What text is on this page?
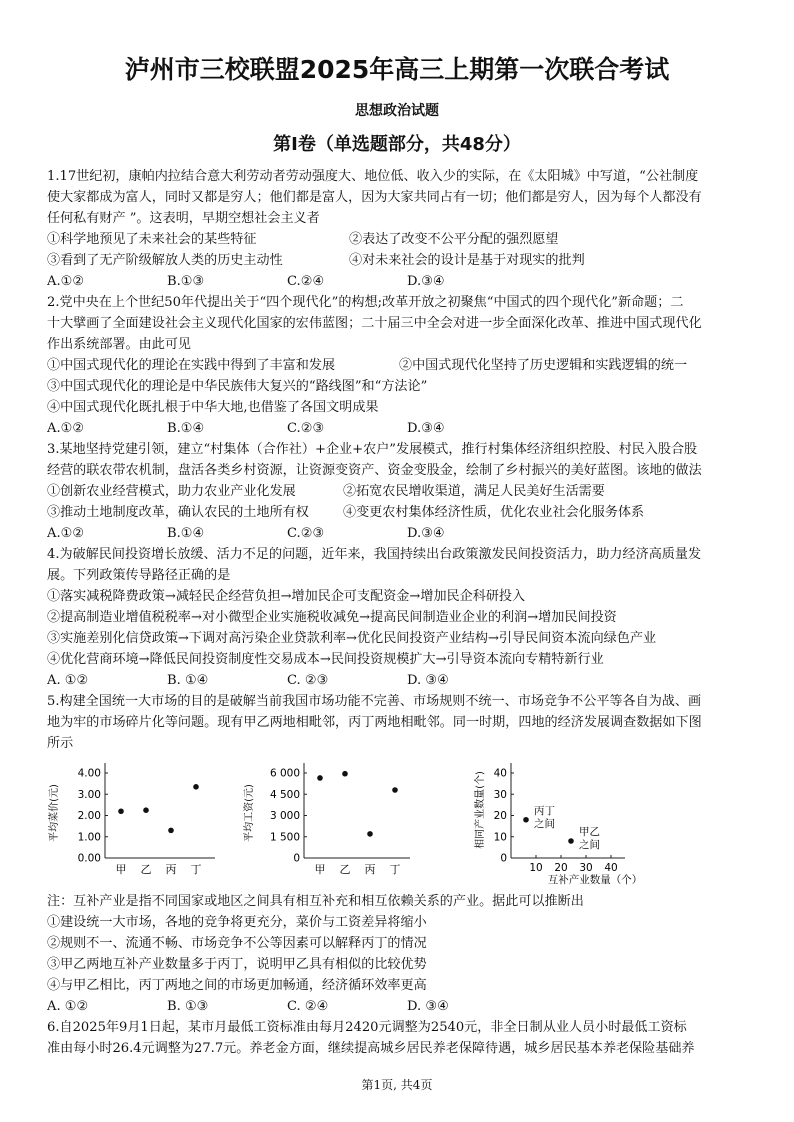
泸州市三校联盟2025年高三上期第一次联合考试
思想政治试题
第Ⅰ卷（单选题部分，共48分）
1.17世纪初，康帕内拉结合意大利劳动者劳动强度大、地位低、收入少的实际，在《太阳城》中写道，“公社制度
使大家都成为富人，同时又都是穷人；他们都是富人，因为大家共同占有一切；他们都是穷人，因为每个人都没有
任何私有财产 ”。这表明，早期空想社会主义者
①科学地预见了未来社会的某些特征	②表达了改变不公平分配的强烈愿望
③看到了无产阶级解放人类的历史主动性	④对未来社会的设计是基于对现实的批判
A.①②	B.①③	C.②④	D.③④
2.党中央在上个世纪50年代提出关于“四个现代化”的构想;改革开放之初聚焦“中国式的四个现代化”新命题；二
十大擘画了全面建设社会主义现代化国家的宏伟蓝图；二十届三中全会对进一步全面深化改革、推进中国式现代化
作出系统部署。由此可见
①中国式现代化的理论在实践中得到了丰富和发展	②中国式现代化坚持了历史逻辑和实践逻辑的统一
③中国式现代化的理论是中华民族伟大复兴的“路线图”和“方法论”
④中国式现代化既扎根于中华大地,也借鉴了各国文明成果
A.①②	B.①④	C.②③	D.③④
3.某地坚持党建引领，建立“村集体（合作社）+企业+农户”发展模式，推行村集体经济组织控股、村民入股合股
经营的联农带农机制，盘活各类乡村资源，让资源变资产、资金变股金，绘制了乡村振兴的美好蓝图。该地的做法
①创新农业经营模式，助力农业产业化发展	②拓宽农民增收渠道，满足人民美好生活需要
③推动土地制度改革，确认农民的土地所有权	④变更农村集体经济性质，优化农业社会化服务体系
A.①②	B.①④	C.②③	D.③④
4.为破解民间投资增长放缓、活力不足的问题，近年来，我国持续出台政策激发民间投资活力，助力经济高质量发
展。下列政策传导路径正确的是
①落实减税降费政策→减轻民企经营负担→增加民企可支配资金→增加民企科研投入
②提高制造业增值税税率→对小微型企业实施税收减免→提高民间制造业企业的利润→增加民间投资
③实施差别化信贷政策→下调对高污染企业贷款利率→优化民间投资产业结构→引导民间资本流向绿色产业
④优化营商环境→降低民间投资制度性交易成本→民间投资规模扩大→引导资本流向专精特新行业
A. ①②	B. ①④	C. ②③	D. ③④
5.构建全国统一大市场的目的是破解当前我国市场功能不完善、市场规则不统一、市场竞争不公平等各自为战、画
地为牢的市场碎片化等问题。现有甲乙两地相毗邻，丙丁两地相毗邻。同一时期，四地的经济发展调查数据如下图
所示
平均菜价(元)
4.00
3.00
2.00
1.00
0.00
甲 乙 丙 丁
平均工资(元)
6 000
4 500
3 000
1 500
0
甲 乙 丙 丁
相同产业数量(个)
互补产业数量（个）
40
30
20
10
0
10 20 30 40
丙丁
之间
甲乙
之间
注：互补产业是指不同国家或地区之间具有相互补充和相互依赖关系的产业。据此可以推断出
①建设统一大市场，各地的竞争将更充分，菜价与工资差异将缩小
②规则不一、流通不畅、市场竞争不公等因素可以解释丙丁的情况
③甲乙两地互补产业数量多于丙丁，说明甲乙具有相似的比较优势
④与甲乙相比，丙丁两地之间的市场更加畅通，经济循环效率更高
A. ①②	B. ①③	C. ②④	D. ③④
6.自2025年9月1日起，某市月最低工资标准由每月2420元调整为2540元，非全日制从业人员小时最低工资标
准由每小时26.4元调整为27.7元。养老金方面，继续提高城乡居民养老保障待遇，城乡居民基本养老保险基础养
第1页, 共4页
